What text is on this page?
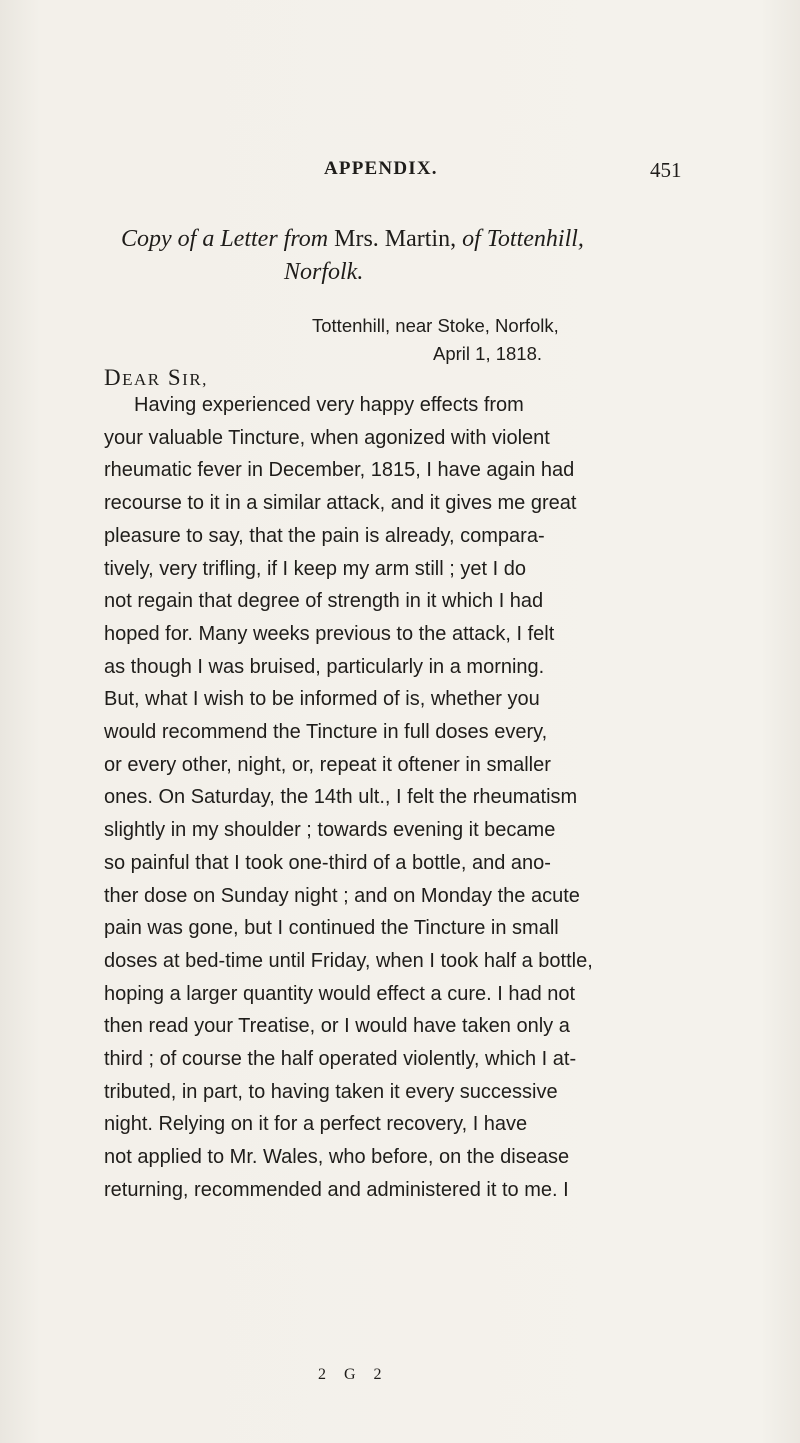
APPENDIX.	451
Copy of a Letter from Mrs. Martin, of Tottenhill,
Norfolk.
Tottenhill, near Stoke, Norfolk,
April 1, 1818.
DEAR SIR,
Having experienced very happy effects from
your valuable Tincture, when agonized with violent
rheumatic fever in December, 1815, I have again had
recourse to it in a similar attack, and it gives me great
pleasure to say, that the pain is already, compara-
tively, very trifling, if I keep my arm still ; yet I do
not regain that degree of strength in it which I had
hoped for. Many weeks previous to the attack, I felt
as though I was bruised, particularly in a morning.
But, what I wish to be informed of is, whether you
would recommend the Tincture in full doses every,
or every other, night, or, repeat it oftener in smaller
ones. On Saturday, the 14th ult., I felt the rheumatism
slightly in my shoulder ; towards evening it became
so painful that I took one-third of a bottle, and ano-
ther dose on Sunday night ; and on Monday the acute
pain was gone, but I continued the Tincture in small
doses at bed-time until Friday, when I took half a bottle,
hoping a larger quantity would effect a cure. I had not
then read your Treatise, or I would have taken only a
third ; of course the half operated violently, which I at-
tributed, in part, to having taken it every successive
night. Relying on it for a perfect recovery, I have
not applied to Mr. Wales, who before, on the disease
returning, recommended and administered it to me. I
2 G 2
